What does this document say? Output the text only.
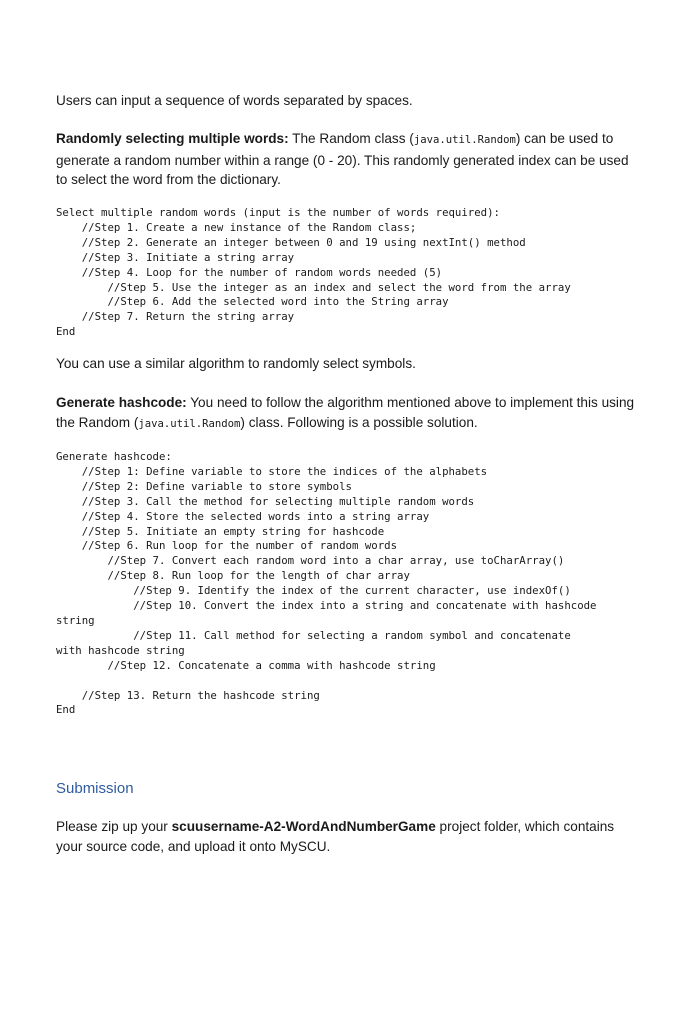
Users can input a sequence of words separated by spaces.

Randomly selecting multiple words: The Random class (java.util.Random) can be used to generate a random number within a range (0 - 20). This randomly generated index can be used to select the word from the dictionary.

Select multiple random words (input is the number of words required):
//Step 1. Create a new instance of the Random class;
//Step 2. Generate an integer between 0 and 19 using nextInt() method
//Step 3. Initiate a string array
//Step 4. Loop for the number of random words needed (5)
//Step 5. Use the integer as an index and select the word from the array
//Step 6. Add the selected word into the String array
//Step 7. Return the string array
End

You can use a similar algorithm to randomly select symbols.

Generate hashcode: You need to follow the algorithm mentioned above to implement this using the Random (java.util.Random) class. Following is a possible solution.

Generate hashcode:
//Step 1: Define variable to store the indices of the alphabets
//Step 2: Define variable to store symbols
//Step 3. Call the method for selecting multiple random words
//Step 4. Store the selected words into a string array
//Step 5. Initiate an empty string for hashcode
//Step 6. Run loop for the number of random words
//Step 7. Convert each random word into a char array, use toCharArray()
//Step 8. Run loop for the length of char array
//Step 9. Identify the index of the current character, use indexOf()
//Step 10. Convert the index into a string and concatenate with hashcode
string
//Step 11. Call method for selecting a random symbol and concatenate
with hashcode string
//Step 12. Concatenate a comma with hashcode string

//Step 13. Return the hashcode string
End
Submission

Please zip up your scuusername-A2-WordAndNumberGame project folder, which contains your source code, and upload it onto MySCU.
